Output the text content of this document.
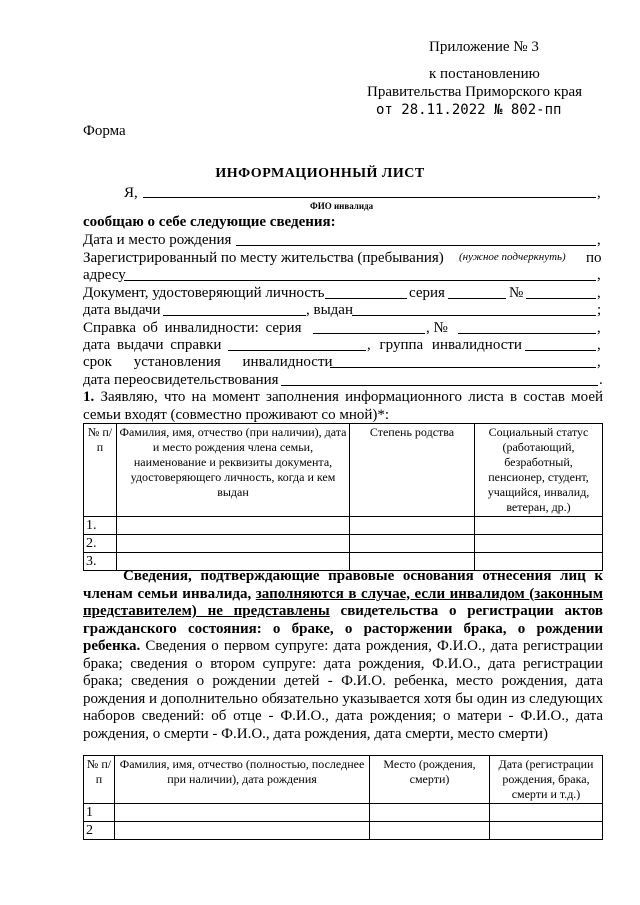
Приложение № 3
к постановлению
Правительства Приморского края
от 28.11.2022 № 802-пп
Форма
ИНФОРМАЦИОННЫЙ ЛИСТ
Я,	,
ФИО инвалида
сообщаю о себе следующие сведения:
Дата и место рождения	,
Зарегистрированный по месту жительства (пребывания) (нужное подчеркнуть) по
адресу	,
Документ, удостоверяющий личность	серия	№	,
дата выдачи	, выдан	;
Справка об инвалидности: серия	, №	,
дата выдачи справки	, группа инвалидности	,
срок установления инвалидности	,
дата переосвидетельствования	.
1. Заявляю, что на момент заполнения информационного листа в состав моей семьи входят (совместно проживают со мной)*:
№ п/п	Фамилия, имя, отчество (при наличии), дата и место рождения члена семьи, наименование и реквизиты документа, удостоверяющего личность, когда и кем выдан	Степень родства	Социальный статус (работающий, безработный, пенсионер, студент, учащийся, инвалид, ветеран, др.)
1.			
2.			
3.			
Сведения, подтверждающие правовые основания отнесения лиц к членам семьи инвалида, заполняются в случае, если инвалидом (законным представителем) не представлены свидетельства о регистрации актов гражданского состояния: о браке, о расторжении брака, о рождении ребенка. Сведения о первом супруге: дата рождения, Ф.И.О., дата регистрации брака; сведения о втором супруге: дата рождения, Ф.И.О., дата регистрации брака; сведения о рождении детей - Ф.И.О. ребенка, место рождения, дата рождения и дополнительно обязательно указывается хотя бы один из следующих наборов сведений: об отце - Ф.И.О., дата рождения; о матери - Ф.И.О., дата рождения, о смерти - Ф.И.О., дата рождения, дата смерти, место смерти)
№ п/п	Фамилия, имя, отчество (полностью, последнее при наличии), дата рождения	Место (рождения, смерти)	Дата (регистрации рождения, брака, смерти и т.д.)
1			
2			
